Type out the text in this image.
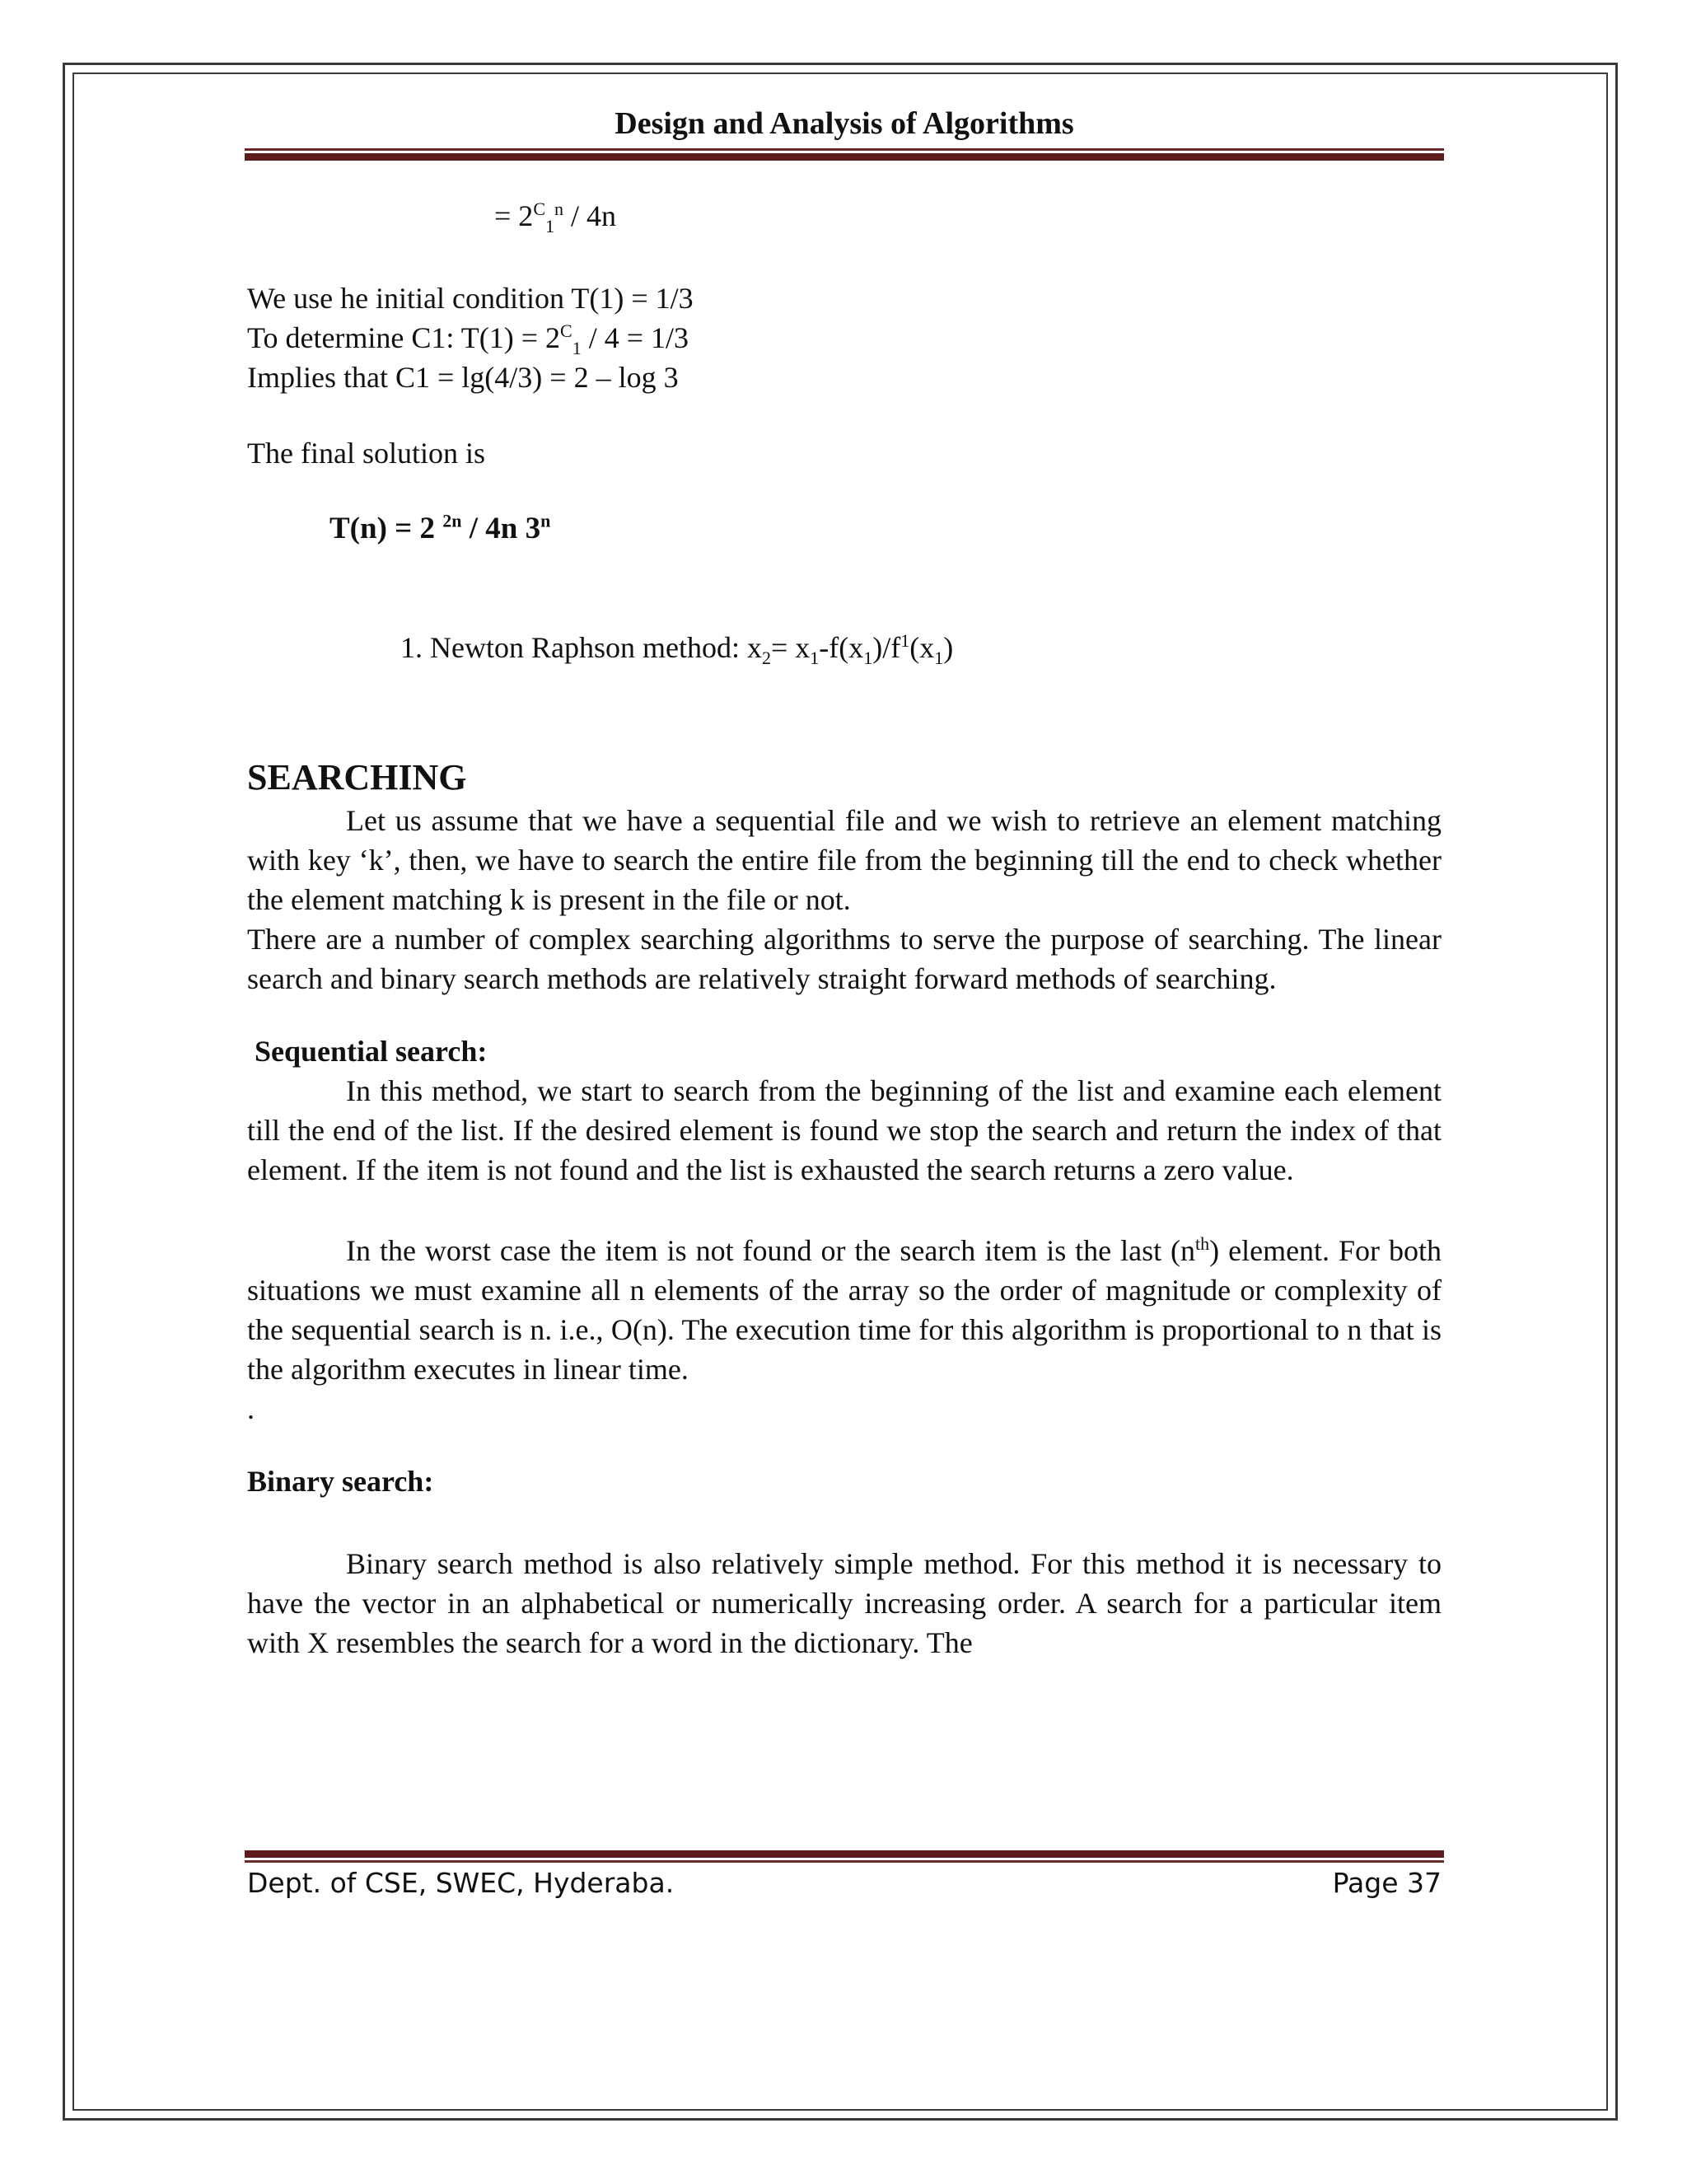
Design and Analysis of Algorithms
= $2^C_1^n / 4n$
We use he initial condition T(1) = 1/3
To determine C1: $T(1) = 2^C_1 / 4 = 1/3$
Implies that C1 = lg(4/3) = 2 – log 3
The final solution is
T(n) = 2 $^{2n}$ / 4n 3$^n$
1. Newton Raphson method: $x_2= x_1-f(x_1)/f^1(x_1)$
SEARCHING
Let us assume that we have a sequential file and we wish to retrieve an element matching with key ‘k’, then, we have to search the entire file from the beginning till the end to check whether the element matching k is present in the file or not.
There are a number of complex searching algorithms to serve the purpose of searching. The linear search and binary search methods are relatively straight forward methods of searching.
Sequential search:
In this method, we start to search from the beginning of the list and examine each element till the end of the list. If the desired element is found we stop the search and return the index of that element. If the item is not found and the list is exhausted the search returns a zero value.
In the worst case the item is not found or the search item is the last $(n^{th})$ element. For both situations we must examine all n elements of the array so the order of magnitude or complexity of the sequential search is n. i.e., O(n). The execution time for this algorithm is proportional to n that is the algorithm executes in linear time.
.
Binary search:
Binary search method is also relatively simple method. For this method it is necessary to have the vector in an alphabetical or numerically increasing order. A search for a particular item with X resembles the search for a word in the dictionary. The
Dept. of CSE, SWEC, Hyderaba.	Page 37
